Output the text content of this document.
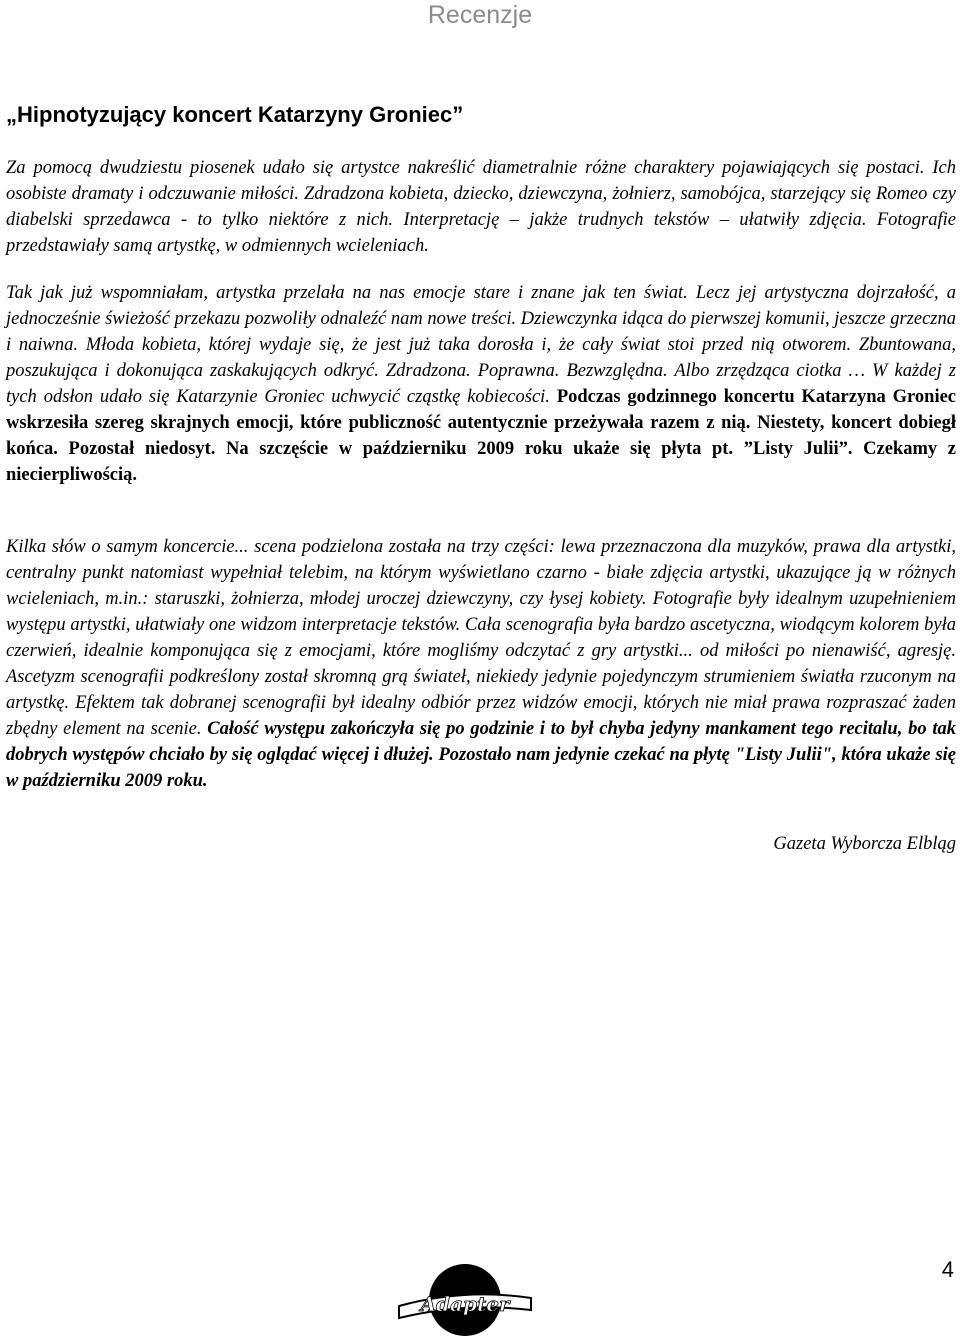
Recenzje
„Hipnotyzujący koncert Katarzyny Groniec”

Za pomocą dwudziestu piosenek udało się artystce nakreślić diametralnie różne charaktery pojawiających się postaci. Ich osobiste dramaty i odczuwanie miłości. Zdradzona kobieta, dziecko, dziewczyna, żołnierz, samobójca, starzejący się Romeo czy diabelski sprzedawca - to tylko niektóre z nich. Interpretację – jakże trudnych tekstów – ułatwiły zdjęcia. Fotografie przedstawiały samą artystkę, w odmiennych wcieleniach.

Tak jak już wspomniałam, artystka przelała na nas emocje stare i znane jak ten świat. Lecz jej artystyczna dojrzałość, a jednocześnie świeżość przekazu pozwoliły odnaleźć nam nowe treści. Dziewczynka idąca do pierwszej komunii, jeszcze grzeczna i naiwna. Młoda kobieta, której wydaje się, że jest już taka dorosła i, że cały świat stoi przed nią otworem. Zbuntowana, poszukująca i dokonująca zaskakujących odkryć. Zdradzona. Poprawna. Bezwzględna. Albo zrzędząca ciotka … W każdej z tych odsłon udało się Katarzynie Groniec uchwycić cząstkę kobiecości. Podczas godzinnego koncertu Katarzyna Groniec wskrzesiła szereg skrajnych emocji, które publiczność autentycznie przeżywała razem z nią. Niestety, koncert dobiegł końca. Pozostał niedosyt. Na szczęście w październiku 2009 roku ukaże się płyta pt. ”Listy Julii”. Czekamy z niecierpliwością.

Kilka słów o samym koncercie... scena podzielona została na trzy części: lewa przeznaczona dla muzyków, prawa dla artystki, centralny punkt natomiast wypełniał telebim, na którym wyświetlano czarno - białe zdjęcia artystki, ukazujące ją w różnych wcieleniach, m.in.: staruszki, żołnierza, młodej uroczej dziewczyny, czy łysej kobiety. Fotografie były idealnym uzupełnieniem występu artystki, ułatwiały one widzom interpretacje tekstów. Cała scenografia była bardzo ascetyczna, wiodącym kolorem była czerwień, idealnie komponująca się z emocjami, które mogliśmy odczytać z gry artystki... od miłości po nienawiść, agresję. Ascetyzm scenografii podkreślony został skromną grą świateł, niekiedy jedynie pojedynczym strumieniem światła rzuconym na artystkę. Efektem tak dobranej scenografii był idealny odbiór przez widzów emocji, których nie miał prawa rozpraszać żaden zbędny element na scenie. Całość występu zakończyła się po godzinie i to był chyba jedyny mankament tego recitalu, bo tak dobrych występów chciało by się oglądać więcej i dłużej. Pozostało nam jedynie czekać na płytę "Listy Julii", która ukaże się w październiku 2009 roku.

Gazeta Wyborcza Elbląg
4
Adapter
